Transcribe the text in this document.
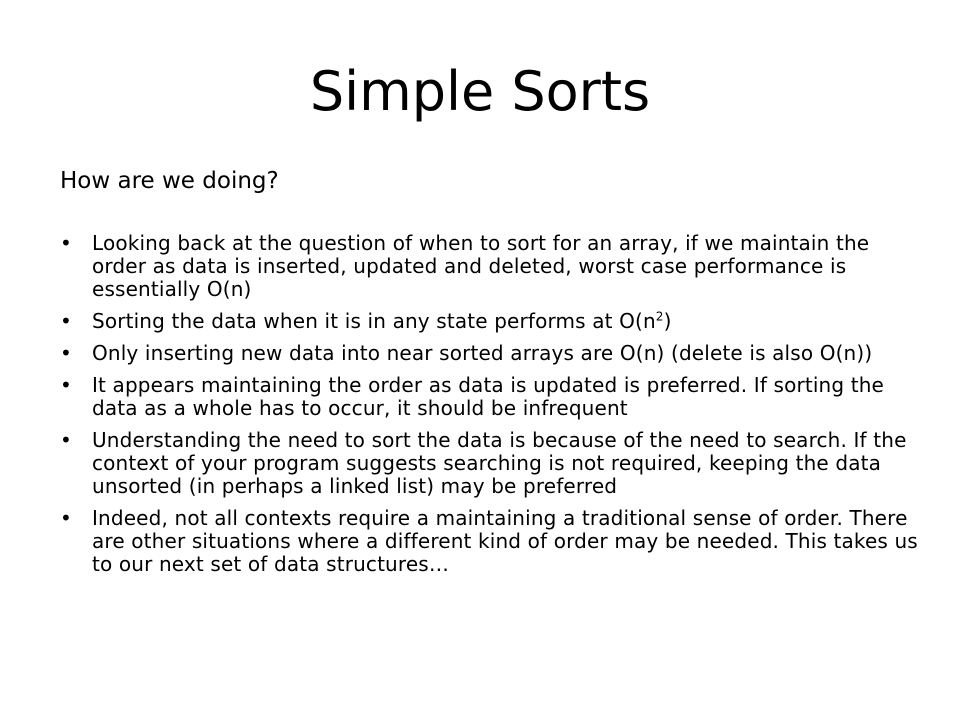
Simple Sorts

How are we doing?

•	Looking back at the question of when to sort for an array, if we maintain the order as data is inserted, updated and deleted, worst case performance is essentially O(n)
•	Sorting the data when it is in any state performs at $O(n^2)$
•	Only inserting new data into near sorted arrays are O(n) (delete is also O(n))
•	It appears maintaining the order as data is updated is preferred. If sorting the data as a whole has to occur, it should be infrequent
•	Understanding the need to sort the data is because of the need to search. If the context of your program suggests searching is not required, keeping the data unsorted (in perhaps a linked list) may be preferred
•	Indeed, not all contexts require a maintaining a traditional sense of order. There are other situations where a different kind of order may be needed. This takes us to our next set of data structures…
